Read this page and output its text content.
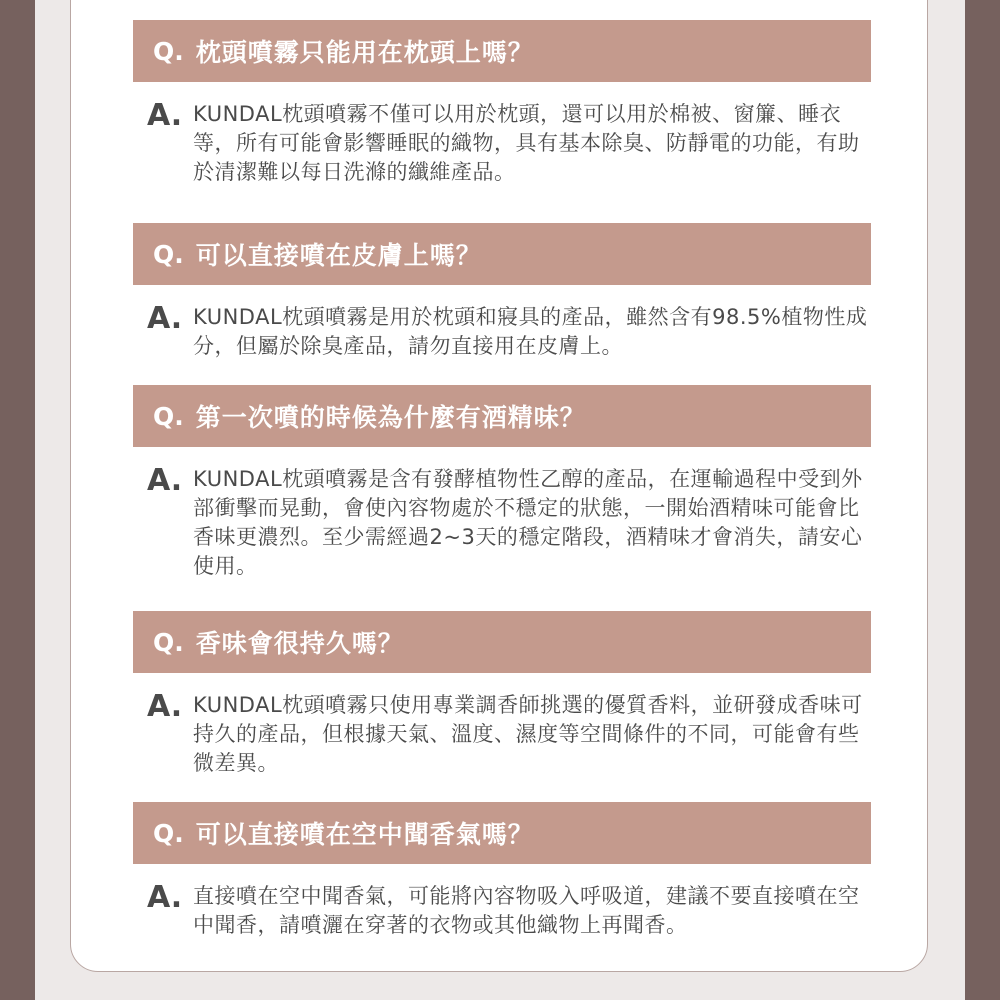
Q. 枕頭噴霧只能用在枕頭上嗎？
A. KUNDAL枕頭噴霧不僅可以用於枕頭，還可以用於棉被、窗簾、睡衣等，所有可能會影響睡眠的織物，具有基本除臭、防靜電的功能，有助於清潔難以每日洗滌的纖維產品。
Q. 可以直接噴在皮膚上嗎？
A. KUNDAL枕頭噴霧是用於枕頭和寢具的產品，雖然含有98.5%植物性成分，但屬於除臭產品，請勿直接用在皮膚上。
Q. 第一次噴的時候為什麼有酒精味？
A. KUNDAL枕頭噴霧是含有發酵植物性乙醇的產品，在運輸過程中受到外部衝擊而晃動，會使內容物處於不穩定的狀態，一開始酒精味可能會比香味更濃烈。至少需經過2~3天的穩定階段，酒精味才會消失，請安心使用。
Q. 香味會很持久嗎？
A. KUNDAL枕頭噴霧只使用專業調香師挑選的優質香料，並研發成香味可持久的產品，但根據天氣、溫度、濕度等空間條件的不同，可能會有些微差異。
Q. 可以直接噴在空中聞香氣嗎？
A. 直接噴在空中聞香氣，可能將內容物吸入呼吸道，建議不要直接噴在空中聞香，請噴灑在穿著的衣物或其他織物上再聞香。
